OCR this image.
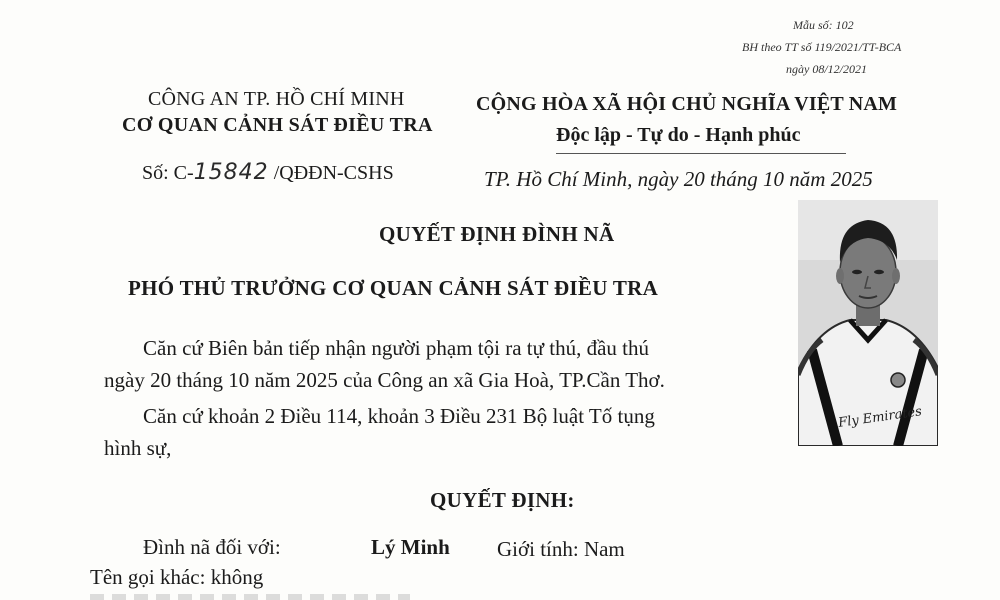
Mẫu số: 102
BH theo TT số 119/2021/TT-BCA
ngày 08/12/2021
CÔNG AN TP. HỒ CHÍ MINH
CƠ QUAN CẢNH SÁT ĐIỀU TRA
Số: C-15842 /QĐĐN-CSHS
CỘNG HÒA XÃ HỘI CHỦ NGHĨA VIỆT NAM
Độc lập - Tự do - Hạnh phúc
TP. Hồ Chí Minh, ngày 20 tháng 10 năm 2025
QUYẾT ĐỊNH ĐÌNH NÃ
PHÓ THỦ TRƯỞNG CƠ QUAN CẢNH SÁT ĐIỀU TRA
Căn cứ Biên bản tiếp nhận người phạm tội ra tự thú, đầu thú
ngày 20 tháng 10 năm 2025 của Công an xã Gia Hoà, TP.Cần Thơ.
Căn cứ khoản 2 Điều 114, khoản 3 Điều 231 Bộ luật Tố tụng
hình sự,
QUYẾT ĐỊNH:
Đình nã đối với:	Lý Minh Giới tính: Nam
Tên gọi khác: không
Fly Emirates
